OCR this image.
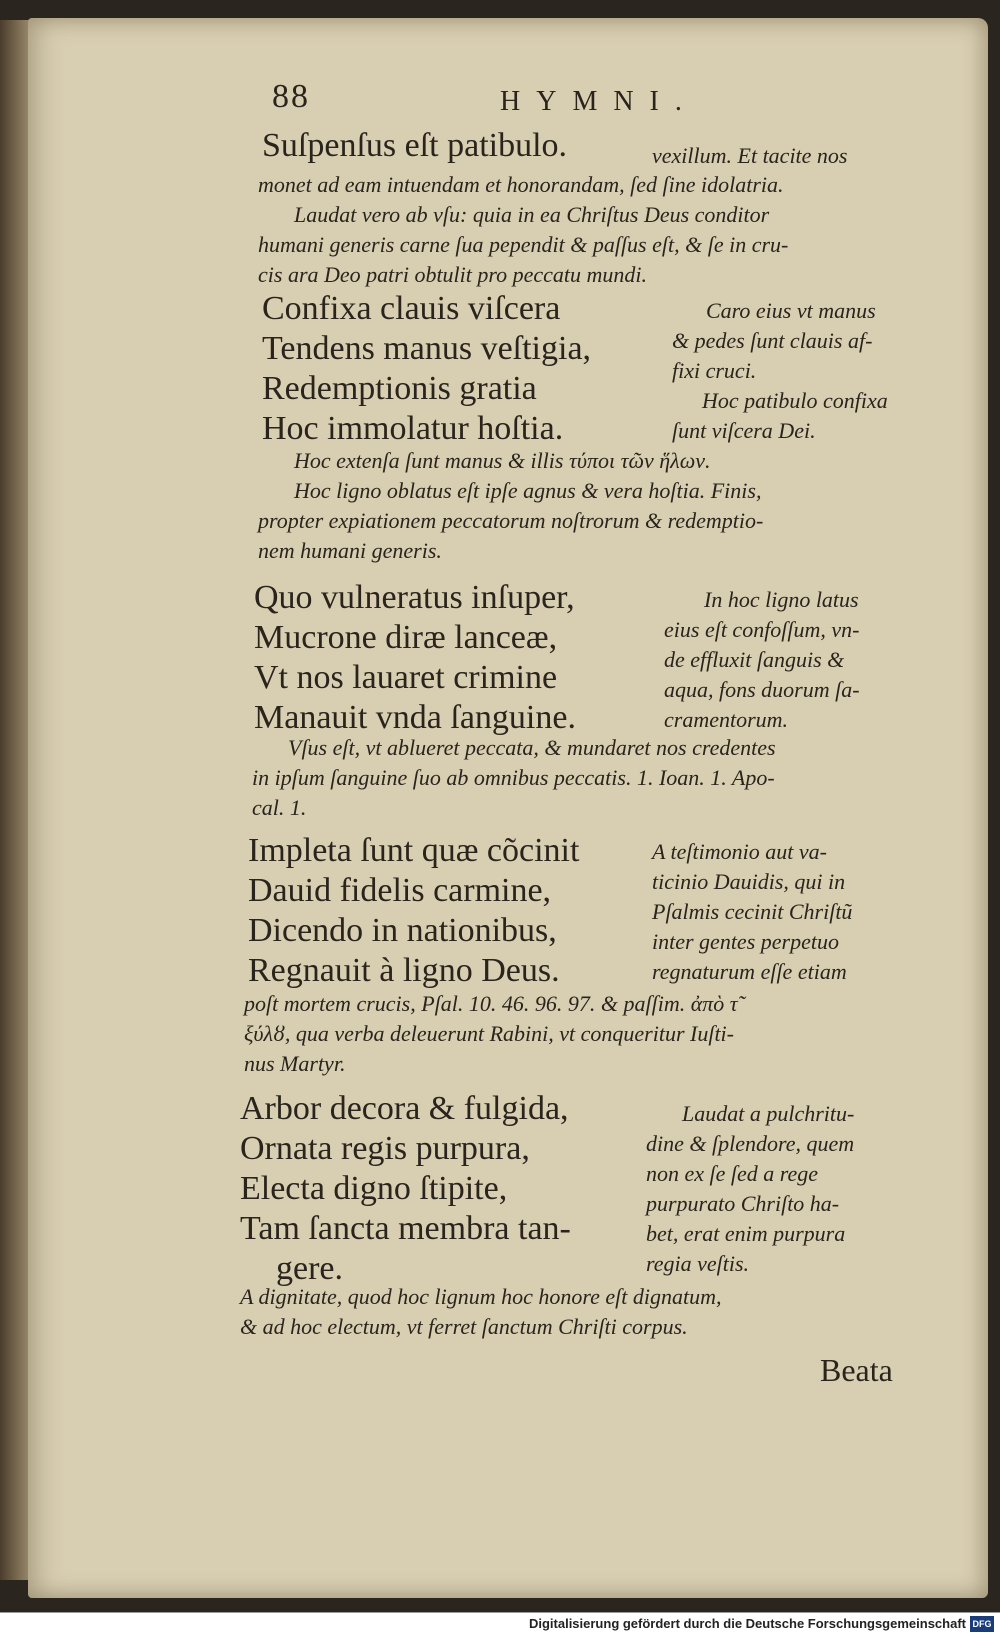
88	HYMNI.
Suſpenſus eſt patibulo.	vexillum. Et tacite nos
monet ad eam intuendam et honorandam, ſed ſine idolatria.
Laudat vero ab vſu: quia in ea Chriſtus Deus conditor
humani generis carne ſua pependit & paſſus eſt, & ſe in cru-
cis ara Deo patri obtulit pro peccatu mundi.
Confixa clauis viſcera
Tendens manus veſtigia,
Redemptionis gratia
Hoc immolatur hoſtia.
Caro eius vt manus
& pedes ſunt clauis af-
fixi cruci.
Hoc patibulo confixa
ſunt viſcera Dei.
Hoc extenſa ſunt manus & illis τύποι τῶν ἥλων.
Hoc ligno oblatus eſt ipſe agnus & vera hoſtia. Finis,
propter expiationem peccatorum noſtrorum & redemptio-
nem humani generis.
Quo vulneratus inſuper,
Mucrone diræ lanceæ,
Vt nos lauaret crimine
Manauit vnda ſanguine.
In hoc ligno latus
eius eſt confoſſum, vn-
de effluxit ſanguis &
aqua, fons duorum ſa-
cramentorum.
Vſus eſt, vt ablueret peccata, & mundaret nos credentes
in ipſum ſanguine ſuo ab omnibus peccatis. 1. Ioan. 1. Apo-
cal. 1.
Impleta ſunt quæ cõcinit
Dauid fidelis carmine,
Dicendo in nationibus,
Regnauit à ligno Deus.
A teſtimonio aut va-
ticinio Dauidis, qui in
Pſalmis cecinit Chriſtũ
inter gentes perpetuo
regnaturum eſſe etiam
poſt mortem crucis, Pſal. 10. 46. 96. 97. & paſſim. ἀπὸ τ̃
ξύλȣ, qua verba deleuerunt Rabini, vt conqueritur Iuſti-
nus Martyr.
Arbor decora & fulgida,
Ornata regis purpura,
Electa digno ſtipite,
Tam ſancta membra tan-
gere.
Laudat a pulchritu-
dine & ſplendore, quem
non ex ſe ſed a rege
purpurato Chriſto ha-
bet, erat enim purpura
regia veſtis.
A dignitate, quod hoc lignum hoc honore eſt dignatum,
& ad hoc electum, vt ferret ſanctum Chriſti corpus.
Beata
Digitalisierung gefördert durch die Deutsche Forschungsgemeinschaft DFG
